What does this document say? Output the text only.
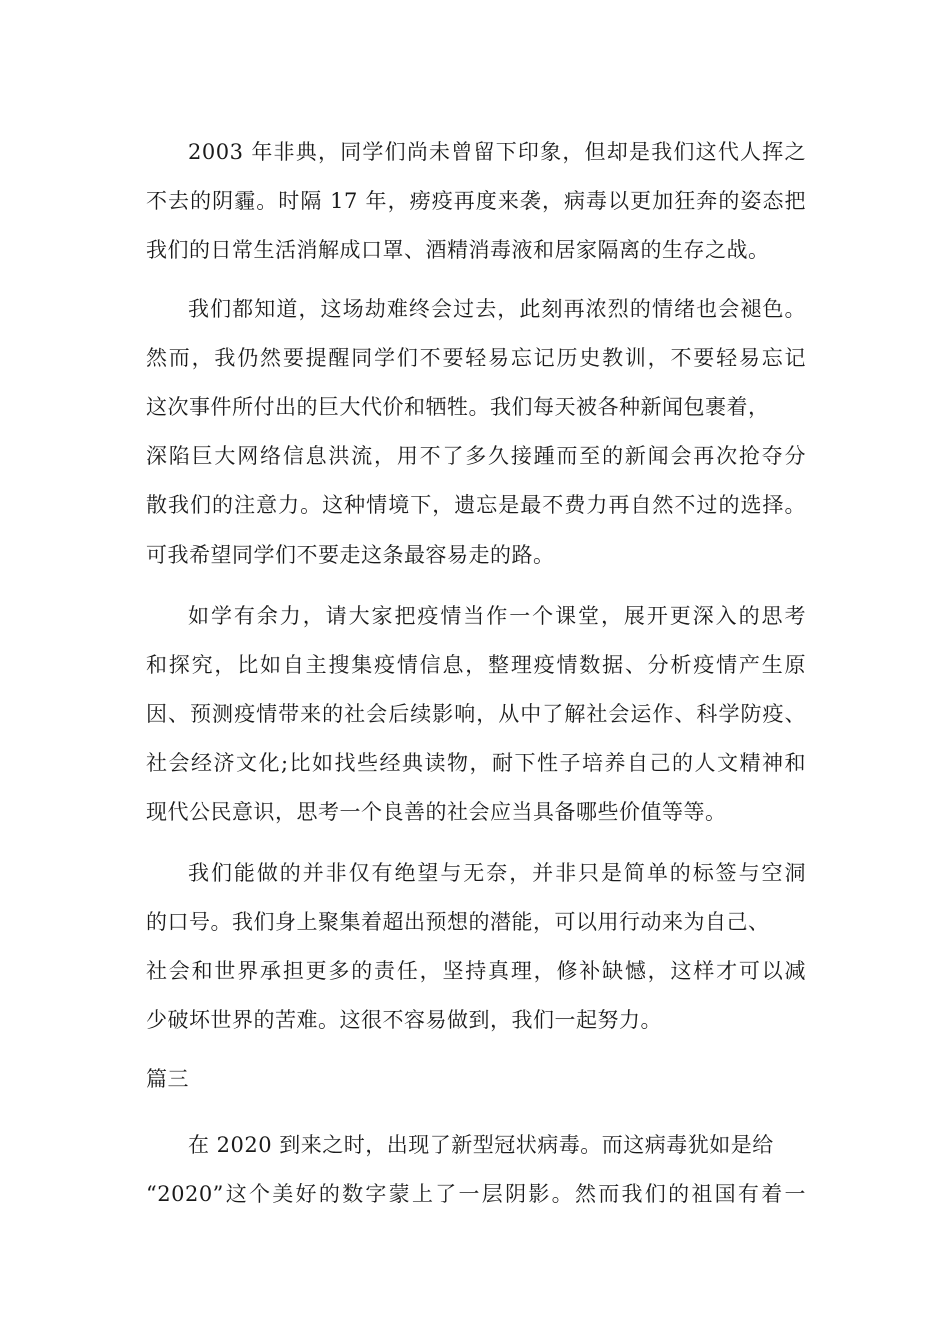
2003 年非典，同学们尚未曾留下印象，但却是我们这代人挥之
不去的阴霾。时隔 17 年，痨疫再度来袭，病毒以更加狂奔的姿态把
我们的日常生活消解成口罩、酒精消毒液和居家隔离的生存之战。
我们都知道，这场劫难终会过去，此刻再浓烈的情绪也会褪色。
然而，我仍然要提醒同学们不要轻易忘记历史教训，不要轻易忘记
这次事件所付出的巨大代价和牺牲。我们每天被各种新闻包裹着，
深陷巨大网络信息洪流，用不了多久接踵而至的新闻会再次抢夺分
散我们的注意力。这种情境下，遗忘是最不费力再自然不过的选择。
可我希望同学们不要走这条最容易走的路。
如学有余力，请大家把疫情当作一个课堂，展开更深入的思考
和探究，比如自主搜集疫情信息，整理疫情数据、分析疫情产生原
因、预测疫情带来的社会后续影响，从中了解社会运作、科学防疫、
社会经济文化;比如找些经典读物，耐下性子培养自己的人文精神和
现代公民意识，思考一个良善的社会应当具备哪些价值等等。
我们能做的并非仅有绝望与无奈，并非只是简单的标签与空洞
的口号。我们身上聚集着超出预想的潜能，可以用行动来为自己、
社会和世界承担更多的责任，坚持真理，修补缺憾，这样才可以减
少破坏世界的苦难。这很不容易做到，我们一起努力。
篇三
在 2020 到来之时，出现了新型冠状病毒。而这病毒犹如是给
“2020”这个美好的数字蒙上了一层阴影。然而我们的祖国有着一
